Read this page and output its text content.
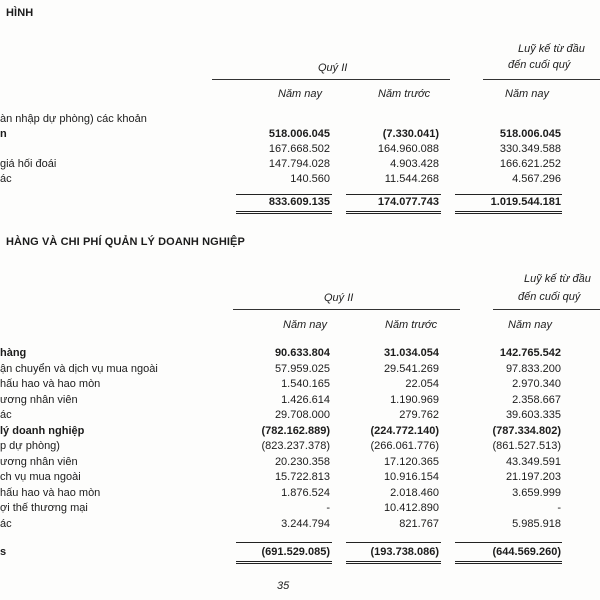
HÌNH
Quý II
Luỹ kế từ đầu
đến cuối quý
Năm nay	Năm trước	Năm nay
àn nhập dự phòng) các khoản
n	518.006.045	(7.330.041)	518.006.045
167.668.502	164.960.088	330.349.588
giá hối đoái	147.794.028	4.903.428	166.621.252
ác	140.560	11.544.268	4.567.296
833.609.135	174.077.743	1.019.544.181
HÀNG VÀ CHI PHÍ QUẢN LÝ DOANH NGHIỆP
Quý II
Luỹ kế từ đầu
đến cuối quý
Năm nay	Năm trước	Năm nay
hàng	90.633.804	31.034.054	142.765.542
ận chuyển và dịch vụ mua ngoài	57.959.025	29.541.269	97.833.200
hấu hao và hao mòn	1.540.165	22.054	2.970.340
ương nhân viên	1.426.614	1.190.969	2.358.667
ác	29.708.000	279.762	39.603.335
lý doanh nghiệp	(782.162.889)	(224.772.140)	(787.334.802)
p dự phòng)	(823.237.378)	(266.061.776)	(861.527.513)
ương nhân viên	20.230.358	17.120.365	43.349.591
ch vụ mua ngoài	15.722.813	10.916.154	21.197.203
hấu hao và hao mòn	1.876.524	2.018.460	3.659.999
ợi thế thương mại	-	10.412.890	-
ác	3.244.794	821.767	5.985.918
s	(691.529.085)	(193.738.086)	(644.569.260)
35
